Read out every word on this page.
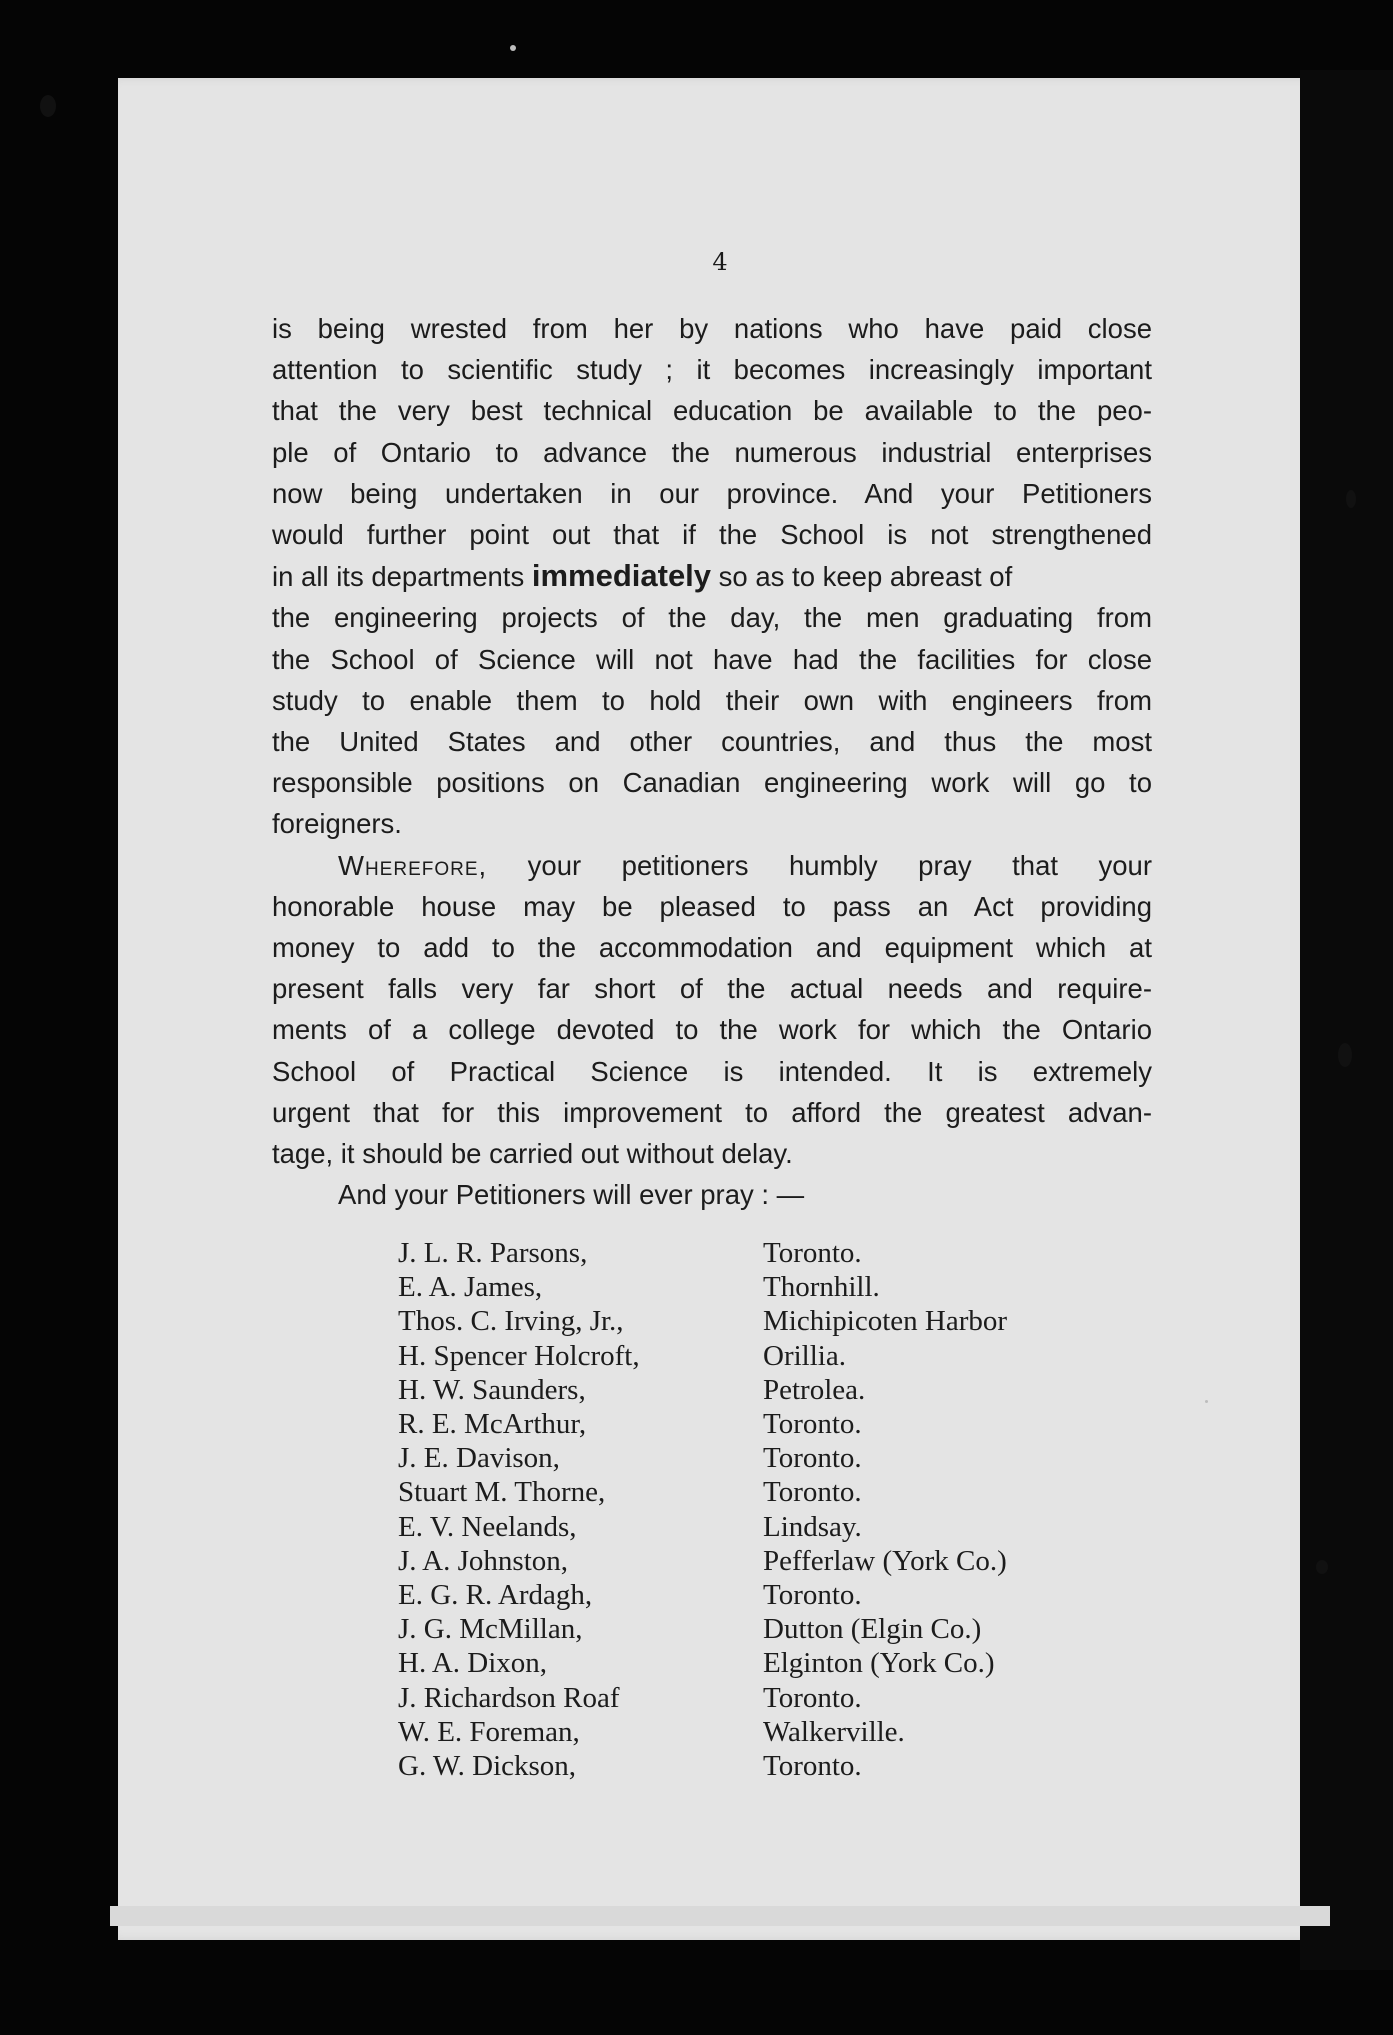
4
is being wrested from her by nations who have paid close
attention to scientific study ; it becomes increasingly important
that the very best technical education be available to the peo-
ple of Ontario to advance the numerous industrial enterprises
now being undertaken in our province. And your Petitioners
would further point out that if the School is not strengthened
in all its departments immediately so as to keep abreast of
the engineering projects of the day, the men graduating from
the School of Science will not have had the facilities for close
study to enable them to hold their own with engineers from
the United States and other countries, and thus the most
responsible positions on Canadian engineering work will go to
foreigners.
Wherefore, your petitioners humbly pray that your
honorable house may be pleased to pass an Act providing
money to add to the accommodation and equipment which at
present falls very far short of the actual needs and require-
ments of a college devoted to the work for which the Ontario
School of Practical Science is intended. It is extremely
urgent that for this improvement to afford the greatest advan-
tage, it should be carried out without delay.
And your Petitioners will ever pray : —
J. L. R. Parsons,	Toronto.
E. A. James,	Thornhill.
Thos. C. Irving, Jr.,	Michipicoten Harbor
H. Spencer Holcroft,	Orillia.
H. W. Saunders,	Petrolea.
R. E. McArthur,	Toronto.
J. E. Davison,	Toronto.
Stuart M. Thorne,	Toronto.
E. V. Neelands,	Lindsay.
J. A. Johnston,	Pefferlaw (York Co.)
E. G. R. Ardagh,	Toronto.
J. G. McMillan,	Dutton (Elgin Co.)
H. A. Dixon,	Elginton (York Co.)
J. Richardson Roaf	Toronto.
W. E. Foreman,	Walkerville.
G. W. Dickson,	Toronto.
